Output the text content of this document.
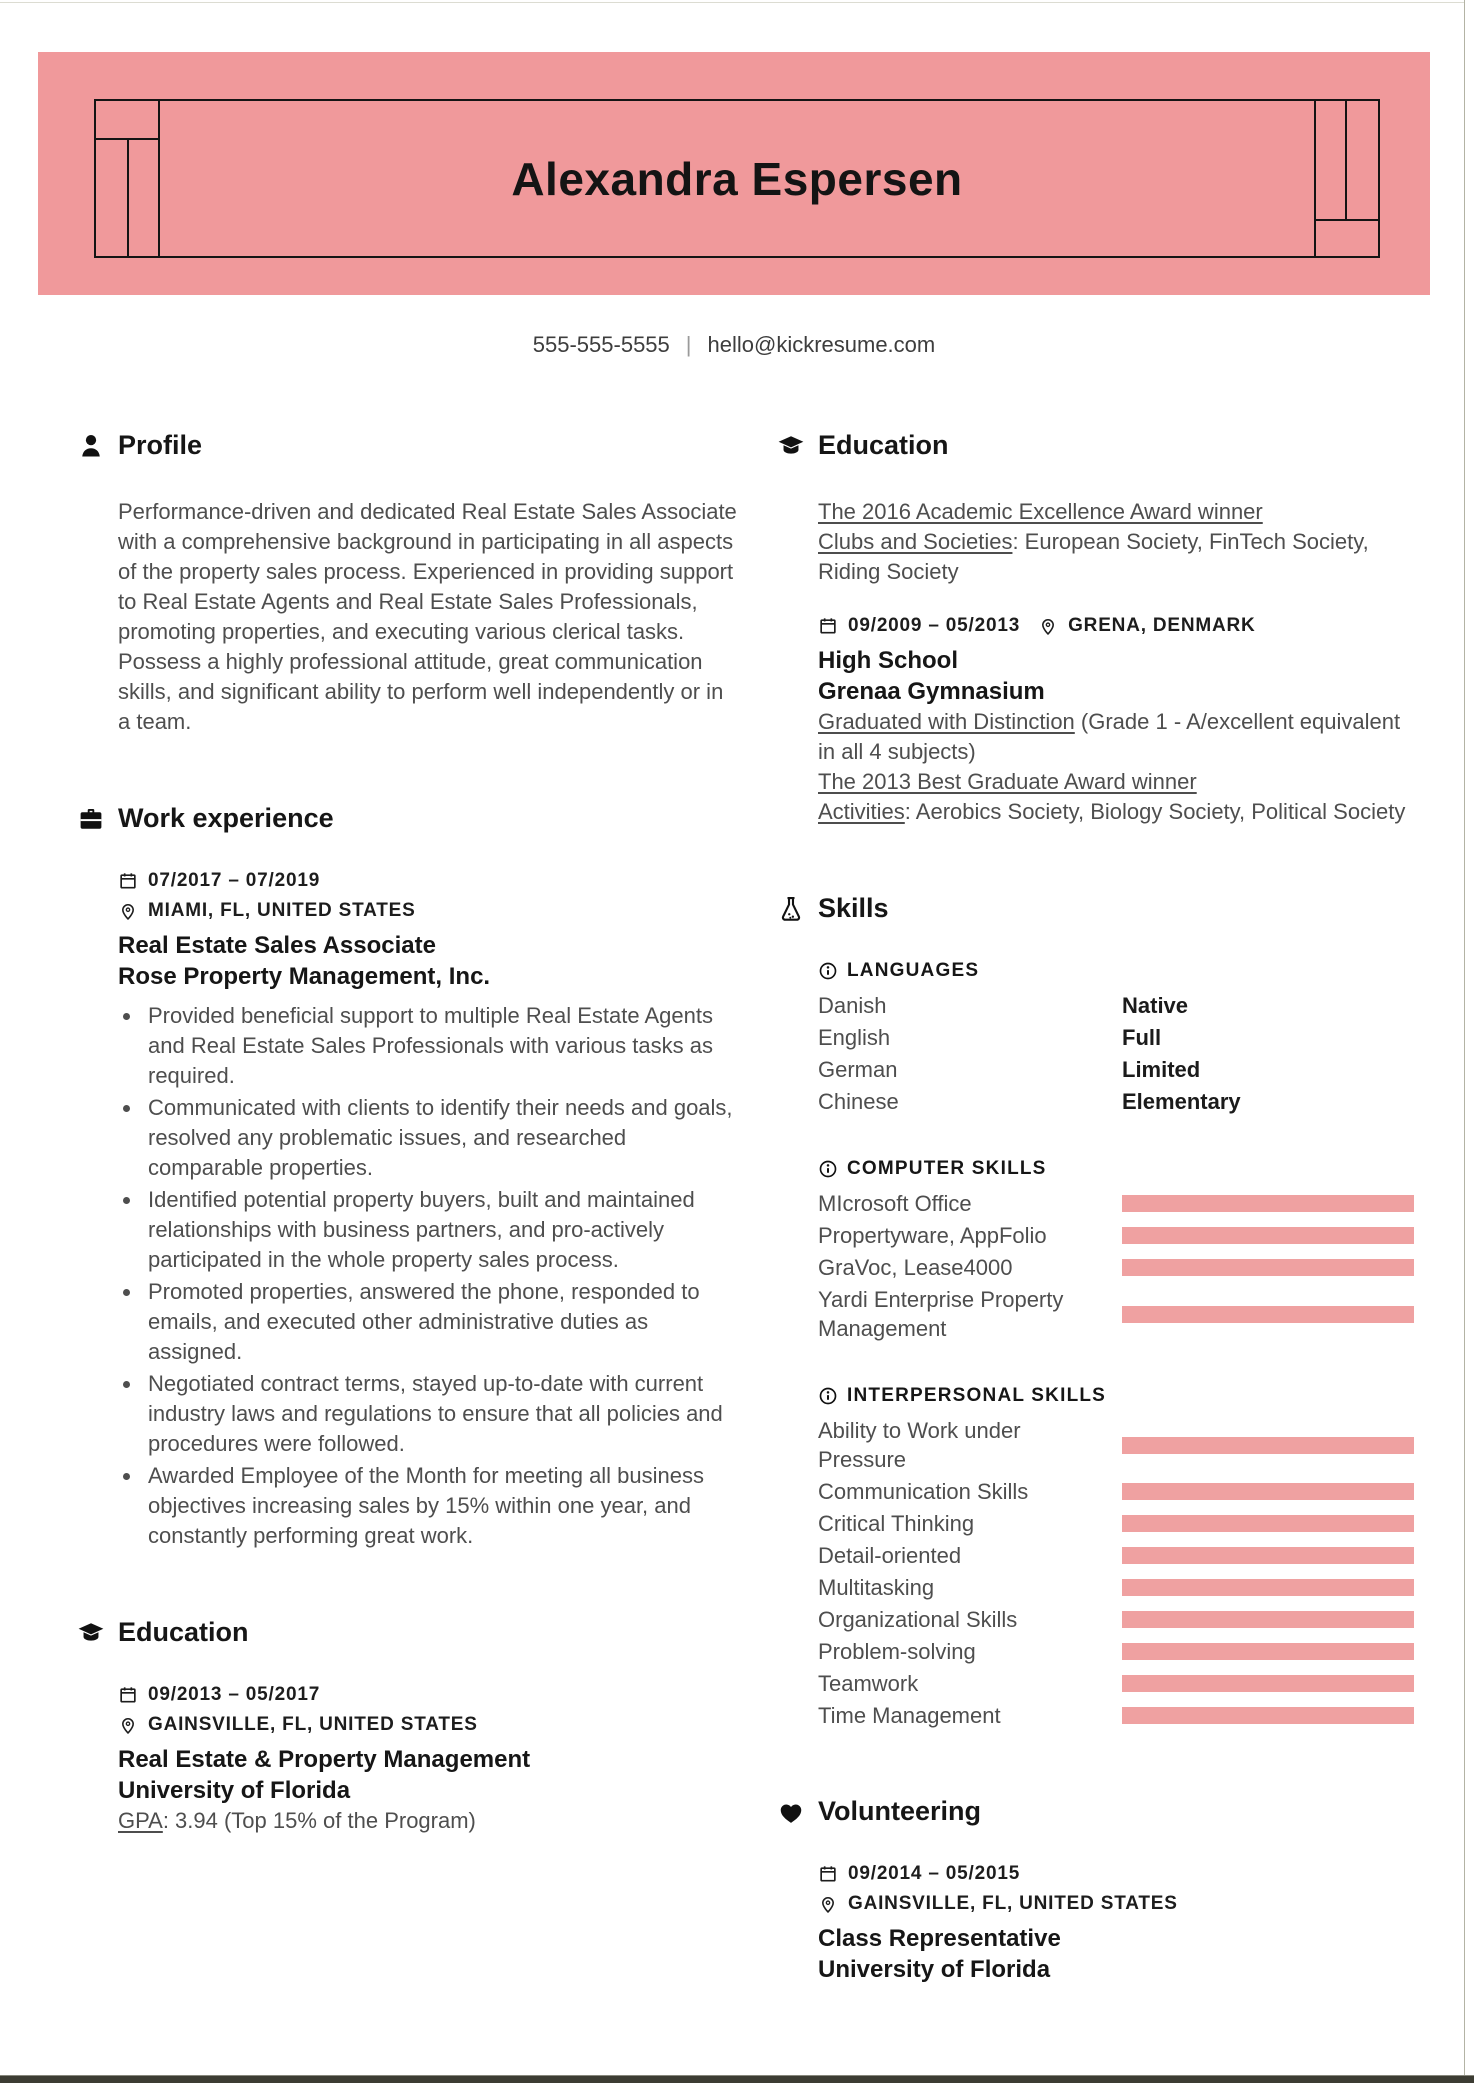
Alexandra Espersen
555-555-5555 | hello@kickresume.com
Profile

Performance-driven and dedicated Real Estate Sales Associate with a comprehensive background in participating in all aspects of the property sales process. Experienced in providing support to Real Estate Agents and Real Estate Sales Professionals, promoting properties, and executing various clerical tasks. Possess a highly professional attitude, great communication skills, and significant ability to perform well independently or in a team.

Work experience
07/2017 – 07/2019
MIAMI, FL, UNITED STATES
Real Estate Sales Associate
Rose Property Management, Inc.
• Provided beneficial support to multiple Real Estate Agents and Real Estate Sales Professionals with various tasks as required.
• Communicated with clients to identify their needs and goals, resolved any problematic issues, and researched comparable properties.
• Identified potential property buyers, built and maintained relationships with business partners, and pro-actively participated in the whole property sales process.
• Promoted properties, answered the phone, responded to emails, and executed other administrative duties as assigned.
• Negotiated contract terms, stayed up-to-date with current industry laws and regulations to ensure that all policies and procedures were followed.
• Awarded Employee of the Month for meeting all business objectives increasing sales by 15% within one year, and constantly performing great work.
Education
09/2013 – 05/2017
GAINSVILLE, FL, UNITED STATES
Real Estate & Property Management
University of Florida
GPA: 3.94 (Top 15% of the Program)
Education
The 2016 Academic Excellence Award winner
Clubs and Societies: European Society, FinTech Society, Riding Society
09/2009 – 05/2013	GRENA, DENMARK
High School
Grenaa Gymnasium
Graduated with Distinction (Grade 1 - A/excellent equivalent in all 4 subjects)
The 2013 Best Graduate Award winner
Activities: Aerobics Society, Biology Society, Political Society
Skills
LANGUAGES
Danish	Native
English	Full
German	Limited
Chinese	Elementary
COMPUTER SKILLS
MIcrosoft Office
Propertyware, AppFolio
GraVoc, Lease4000
Yardi Enterprise Property Management
INTERPERSONAL SKILLS
Ability to Work under Pressure
Communication Skills
Critical Thinking
Detail-oriented
Multitasking
Organizational Skills
Problem-solving
Teamwork
Time Management
Volunteering
09/2014 – 05/2015
GAINSVILLE, FL, UNITED STATES
Class Representative
University of Florida
